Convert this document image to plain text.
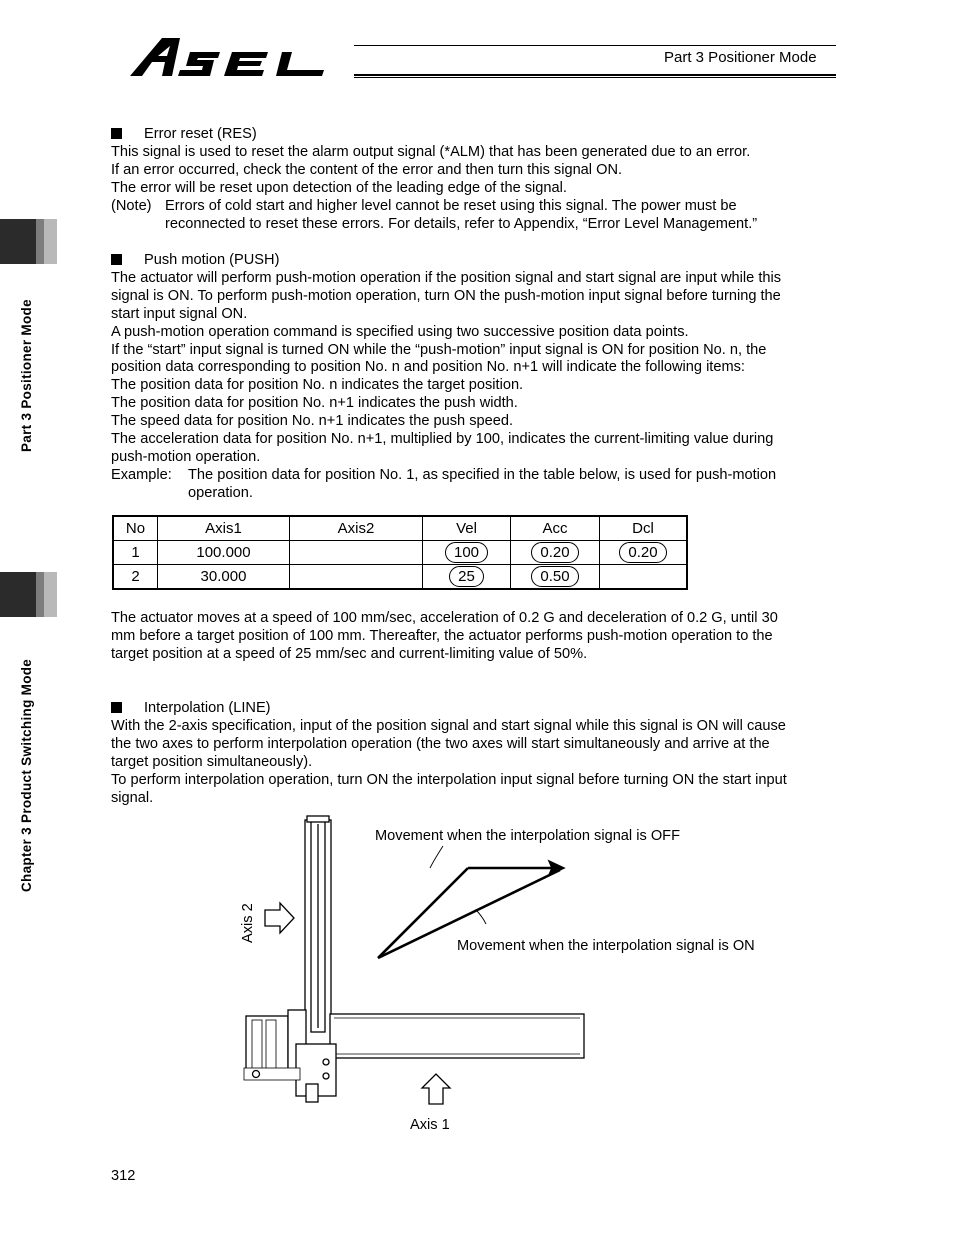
Part 3 Positioner Mode
Part 3 Positioner Mode
Chapter 3 Product Switching Mode
Error reset (RES)
This signal is used to reset the alarm output signal (*ALM) that has been generated due to an error.
If an error occurred, check the content of the error and then turn this signal ON.
The error will be reset upon detection of the leading edge of the signal.
(Note) Errors of cold start and higher level cannot be reset using this signal. The power must be
reconnected to reset these errors. For details, refer to Appendix, “Error Level Management.”
Push motion (PUSH)
The actuator will perform push-motion operation if the position signal and start signal are input while this
signal is ON. To perform push-motion operation, turn ON the push-motion input signal before turning the
start input signal ON.
A push-motion operation command is specified using two successive position data points.
If the “start” input signal is turned ON while the “push-motion” input signal is ON for position No. n, the
position data corresponding to position No. n and position No. n+1 will indicate the following items:
The position data for position No. n indicates the target position.
The position data for position No. n+1 indicates the push width.
The speed data for position No. n+1 indicates the push speed.
The acceleration data for position No. n+1, multiplied by 100, indicates the current-limiting value during
push-motion operation.
Example: The position data for position No. 1, as specified in the table below, is used for push-motion
operation.
No	Axis1	Axis2	Vel	Acc	Dcl
1	100.000		100	0.20	0.20
2	30.000		25	0.50	
The actuator moves at a speed of 100 mm/sec, acceleration of 0.2 G and deceleration of 0.2 G, until 30
mm before a target position of 100 mm. Thereafter, the actuator performs push-motion operation to the
target position at a speed of 25 mm/sec and current-limiting value of 50%.
Interpolation (LINE)
With the 2-axis specification, input of the position signal and start signal while this signal is ON will cause
the two axes to perform interpolation operation (the two axes will start simultaneously and arrive at the
target position simultaneously).
To perform interpolation operation, turn ON the interpolation input signal before turning ON the start input
signal.
Movement when the interpolation signal is OFF
Movement when the interpolation signal is ON
Axis 2
Axis 1
312
